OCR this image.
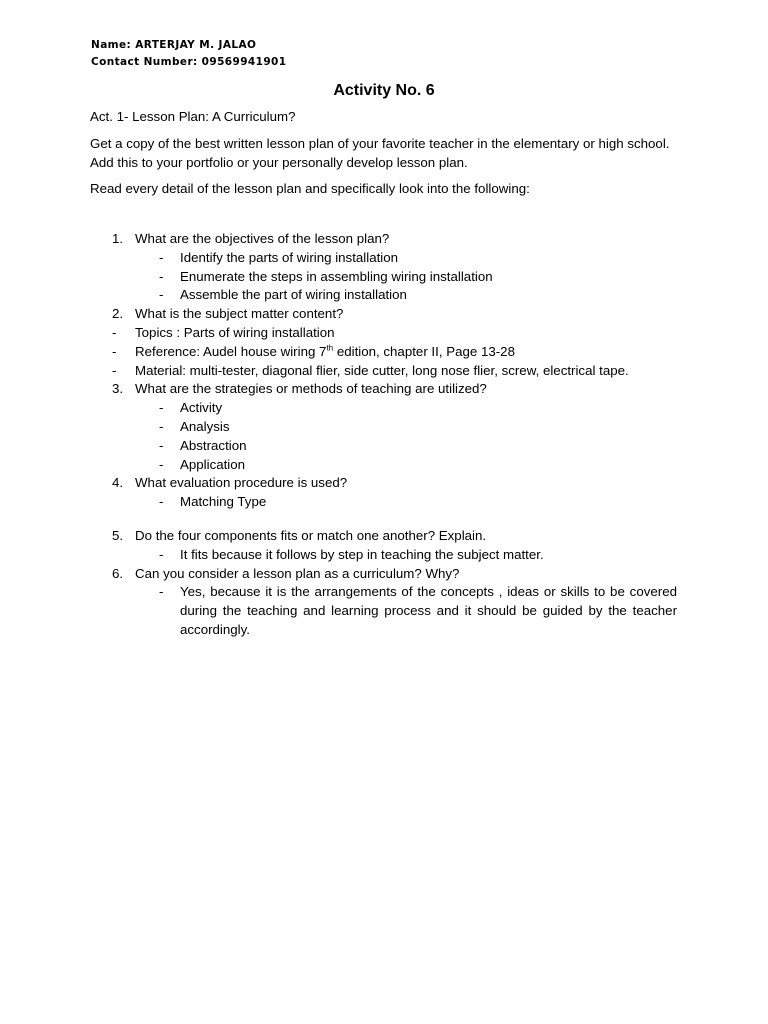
Name: ARTERJAY M. JALAO
Contact Number: 09569941901
Activity No. 6
Act. 1- Lesson Plan: A Curriculum?
Get a copy of the best written lesson plan of your favorite teacher in the elementary or high school. Add this to your portfolio or your personally develop lesson plan.
Read every detail of the lesson plan and specifically look into the following:
1. What are the objectives of the lesson plan?
- Identify the parts of wiring installation
- Enumerate the steps in assembling wiring installation
- Assemble the part of wiring installation
2. What is the subject matter content?
- Topics : Parts of wiring installation
- Reference: Audel house wiring 7th edition, chapter II, Page 13-28
- Material: multi-tester, diagonal flier, side cutter, long nose flier, screw, electrical tape.
3. What are the strategies or methods of teaching are utilized?
- Activity
- Analysis
- Abstraction
- Application
4. What evaluation procedure is used?
- Matching Type
5. Do the four components fits or match one another? Explain.
- It fits because it follows by step in teaching the subject matter.
6. Can you consider a lesson plan as a curriculum? Why?
- Yes, because it is the arrangements of the concepts , ideas or skills to be covered during the teaching and learning process and it should be guided by the teacher accordingly.
